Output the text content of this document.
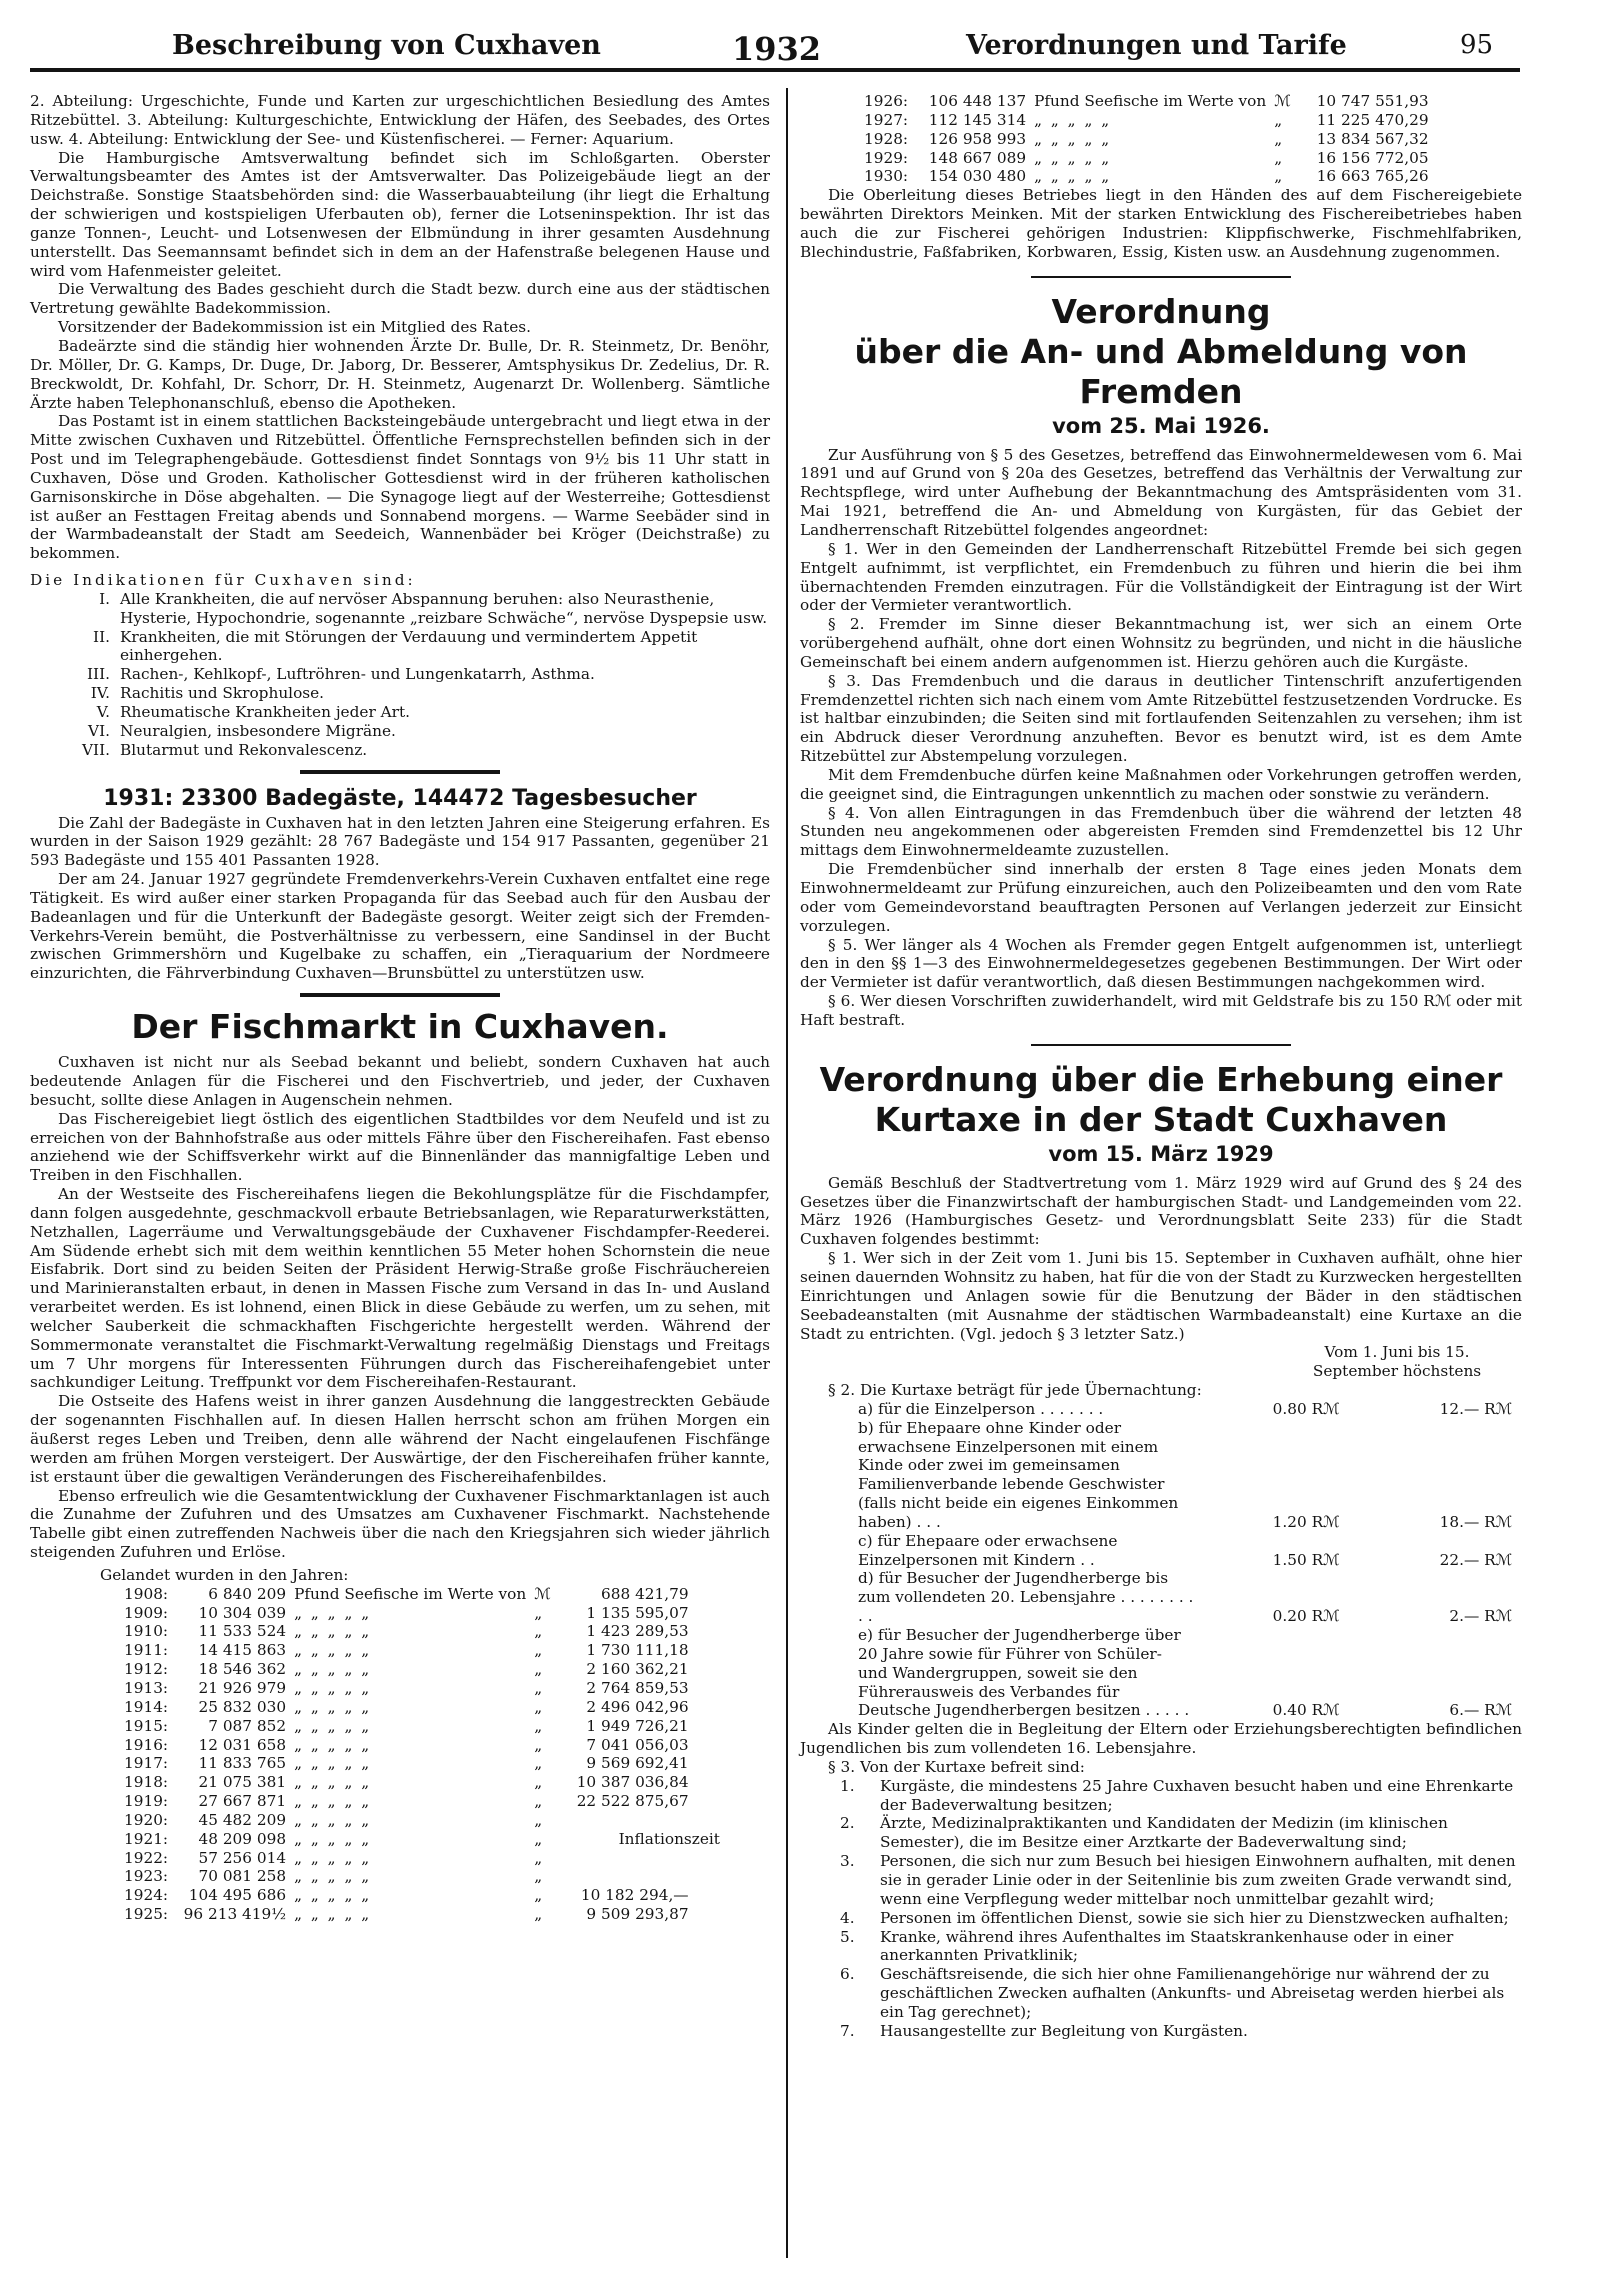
Beschreibung von Cuxhaven	1932	Verordnungen und Tarife	95

2. Abteilung: Urgeschichte, Funde und Karten zur urgeschichtlichen Besiedlung des Amtes Ritzebüttel. 3. Abteilung: Kulturgeschichte, Entwicklung der Häfen, des Seebades, des Ortes usw. 4. Abteilung: Entwicklung der See- und Küstenfischerei. — Ferner: Aquarium.

Die Hamburgische Amtsverwaltung befindet sich im Schloßgarten. Oberster Verwaltungsbeamter des Amtes ist der Amtsverwalter. Das Polizeigebäude liegt an der Deichstraße. Sonstige Staatsbehörden sind: die Wasserbauabteilung (ihr liegt die Erhaltung der schwierigen und kostspieligen Uferbauten ob), ferner die Lotseninspektion. Ihr ist das ganze Tonnen-, Leucht- und Lotsenwesen der Elbmündung in ihrer gesamten Ausdehnung unterstellt. Das Seemannsamt befindet sich in dem an der Hafenstraße belegenen Hause und wird vom Hafenmeister geleitet.

Die Verwaltung des Bades geschieht durch die Stadt bezw. durch eine aus der städtischen Vertretung gewählte Badekommission.

Vorsitzender der Badekommission ist ein Mitglied des Rates.

Badeärzte sind die ständig hier wohnenden Ärzte Dr. Bulle, Dr. R. Steinmetz, Dr. Benöhr, Dr. Möller, Dr. G. Kamps, Dr. Duge, Dr. Jaborg, Dr. Besserer, Amtsphysikus Dr. Zedelius, Dr. R. Breckwoldt, Dr. Kohfahl, Dr. Schorr, Dr. H. Steinmetz, Augenarzt Dr. Wollenberg. Sämtliche Ärzte haben Telephonanschluß, ebenso die Apotheken.

Das Postamt ist in einem stattlichen Backsteingebäude untergebracht und liegt etwa in der Mitte zwischen Cuxhaven und Ritzebüttel. Öffentliche Fernsprechstellen befinden sich in der Post und im Telegraphengebäude. Gottesdienst findet Sonntags von 9½ bis 11 Uhr statt in Cuxhaven, Döse und Groden. Katholischer Gottesdienst wird in der früheren katholischen Garnisonskirche in Döse abgehalten. — Die Synagoge liegt auf der Westerreihe; Gottesdienst ist außer an Festtagen Freitag abends und Sonnabend morgens. — Warme Seebäder sind in der Warmbadeanstalt der Stadt am Seedeich, Wannenbäder bei Kröger (Deichstraße) zu bekommen.

Die Indikationen für Cuxhaven sind:

I. Alle Krankheiten, die auf nervöser Abspannung beruhen: also Neurasthenie, Hysterie, Hypochondrie, sogenannte „reizbare Schwäche“, nervöse Dyspepsie usw.
II. Krankheiten, die mit Störungen der Verdauung und vermindertem Appetit einhergehen.
III. Rachen-, Kehlkopf-, Luftröhren- und Lungenkatarrh, Asthma.
IV. Rachitis und Skrophulose.
V. Rheumatische Krankheiten jeder Art.
VI. Neuralgien, insbesondere Migräne.
VII. Blutarmut und Rekonvalescenz.
1931: 23300 Badegäste, 144472 Tagesbesucher

Die Zahl der Badegäste in Cuxhaven hat in den letzten Jahren eine Steigerung erfahren. Es wurden in der Saison 1929 gezählt: 28 767 Badegäste und 154 917 Passanten, gegenüber 21 593 Badegäste und 155 401 Passanten 1928.

Der am 24. Januar 1927 gegründete Fremdenverkehrs-Verein Cuxhaven entfaltet eine rege Tätigkeit. Es wird außer einer starken Propaganda für das Seebad auch für den Ausbau der Badeanlagen und für die Unterkunft der Badegäste gesorgt. Weiter zeigt sich der Fremden-Verkehrs-Verein bemüht, die Postverhältnisse zu verbessern, eine Sandinsel in der Bucht zwischen Grimmershörn und Kugelbake zu schaffen, ein „Tieraquarium der Nordmeere einzurichten, die Fährverbindung Cuxhaven—Brunsbüttel zu unterstützen usw.

Der Fischmarkt in Cuxhaven.

Cuxhaven ist nicht nur als Seebad bekannt und beliebt, sondern Cuxhaven hat auch bedeutende Anlagen für die Fischerei und den Fischvertrieb, und jeder, der Cuxhaven besucht, sollte diese Anlagen in Augenschein nehmen.

Das Fischereigebiet liegt östlich des eigentlichen Stadtbildes vor dem Neufeld und ist zu erreichen von der Bahnhofstraße aus oder mittels Fähre über den Fischereihafen. Fast ebenso anziehend wie der Schiffsverkehr wirkt auf die Binnenländer das mannigfaltige Leben und Treiben in den Fischhallen.

An der Westseite des Fischereihafens liegen die Bekohlungsplätze für die Fischdampfer, dann folgen ausgedehnte, geschmackvoll erbaute Betriebsanlagen, wie Reparaturwerkstätten, Netzhallen, Lagerräume und Verwaltungsgebäude der Cuxhavener Fischdampfer-Reederei. Am Südende erhebt sich mit dem weithin kenntlichen 55 Meter hohen Schornstein die neue Eisfabrik. Dort sind zu beiden Seiten der Präsident Herwig-Straße große Fischräuchereien und Marinieranstalten erbaut, in denen in Massen Fische zum Versand in das In- und Ausland verarbeitet werden. Es ist lohnend, einen Blick in diese Gebäude zu werfen, um zu sehen, mit welcher Sauberkeit die schmackhaften Fischgerichte hergestellt werden. Während der Sommermonate veranstaltet die Fischmarkt-Verwaltung regelmäßig Dienstags und Freitags um 7 Uhr morgens für Interessenten Führungen durch das Fischereihafengebiet unter sachkundiger Leitung. Treffpunkt vor dem Fischereihafen-Restaurant.

Die Ostseite des Hafens weist in ihrer ganzen Ausdehnung die langgestreckten Gebäude der sogenannten Fischhallen auf. In diesen Hallen herrscht schon am frühen Morgen ein äußerst reges Leben und Treiben, denn alle während der Nacht eingelaufenen Fischfänge werden am frühen Morgen versteigert. Der Auswärtige, der den Fischereihafen früher kannte, ist erstaunt über die gewaltigen Veränderungen des Fischereihafenbildes.

Ebenso erfreulich wie die Gesamtentwicklung der Cuxhavener Fischmarktanlagen ist auch die Zunahme der Zufuhren und des Umsatzes am Cuxhavener Fischmarkt. Nachstehende Tabelle gibt einen zutreffenden Nachweis über die nach den Kriegsjahren sich wieder jährlich steigenden Zufuhren und Erlöse.

Gelandet wurden in den Jahren:

1908:	6 840 209	Pfund Seefische im Werte von	ℳ	688 421,79
1909:	10 304 039	„ „ „ „ „	„	1 135 595,07
1910:	11 533 524	„ „ „ „ „	„	1 423 289,53
1911:	14 415 863	„ „ „ „ „	„	1 730 111,18
1912:	18 546 362	„ „ „ „ „	„	2 160 362,21
1913:	21 926 979	„ „ „ „ „	„	2 764 859,53
1914:	25 832 030	„ „ „ „ „	„	2 496 042,96
1915:	7 087 852	„ „ „ „ „	„	1 949 726,21
1916:	12 031 658	„ „ „ „ „	„	7 041 056,03
1917:	11 833 765	„ „ „ „ „	„	9 569 692,41
1918:	21 075 381	„ „ „ „ „	„	10 387 036,84
1919:	27 667 871	„ „ „ „ „	„	22 522 875,67
1920:	45 482 209	„ „ „ „ „	„	
1921:	48 209 098	„ „ „ „ „	„	Inflationszeit
1922:	57 256 014	„ „ „ „ „	„	
1923:	70 081 258	„ „ „ „ „	„	
1924:	104 495 686	„ „ „ „ „	„	10 182 294,—
1925:	96 213 419½	„ „ „ „ „	„	9 509 293,87
1926:	106 448 137	Pfund Seefische im Werte von	ℳ	10 747 551,93
1927:	112 145 314	„ „ „ „ „	„	11 225 470,29
1928:	126 958 993	„ „ „ „ „	„	13 834 567,32
1929:	148 667 089	„ „ „ „ „	„	16 156 772,05
1930:	154 030 480	„ „ „ „ „	„	16 663 765,26

Die Oberleitung dieses Betriebes liegt in den Händen des auf dem Fischereigebiete bewährten Direktors Meinken. Mit der starken Entwicklung des Fischereibetriebes haben auch die zur Fischerei gehörigen Industrien: Klippfischwerke, Fischmehlfabriken, Blechindustrie, Faßfabriken, Korbwaren, Essig, Kisten usw. an Ausdehnung zugenommen.

Verordnung
über die An- und Abmeldung von Fremden
vom 25. Mai 1926.

Zur Ausführung von § 5 des Gesetzes, betreffend das Einwohnermeldewesen vom 6. Mai 1891 und auf Grund von § 20a des Gesetzes, betreffend das Verhältnis der Verwaltung zur Rechtspflege, wird unter Aufhebung der Bekanntmachung des Amtspräsidenten vom 31. Mai 1921, betreffend die An- und Abmeldung von Kurgästen, für das Gebiet der Landherrenschaft Ritzebüttel folgendes angeordnet:

§ 1. Wer in den Gemeinden der Landherrenschaft Ritzebüttel Fremde bei sich gegen Entgelt aufnimmt, ist verpflichtet, ein Fremdenbuch zu führen und hierin die bei ihm übernachtenden Fremden einzutragen. Für die Vollständigkeit der Eintragung ist der Wirt oder der Vermieter verantwortlich.

§ 2. Fremder im Sinne dieser Bekanntmachung ist, wer sich an einem Orte vorübergehend aufhält, ohne dort einen Wohnsitz zu begründen, und nicht in die häusliche Gemeinschaft bei einem andern aufgenommen ist. Hierzu gehören auch die Kurgäste.

§ 3. Das Fremdenbuch und die daraus in deutlicher Tintenschrift anzufertigenden Fremdenzettel richten sich nach einem vom Amte Ritzebüttel festzusetzenden Vordrucke. Es ist haltbar einzubinden; die Seiten sind mit fortlaufenden Seitenzahlen zu versehen; ihm ist ein Abdruck dieser Verordnung anzuheften. Bevor es benutzt wird, ist es dem Amte Ritzebüttel zur Abstempelung vorzulegen.

Mit dem Fremdenbuche dürfen keine Maßnahmen oder Vorkehrungen getroffen werden, die geeignet sind, die Eintragungen unkenntlich zu machen oder sonstwie zu verändern.

§ 4. Von allen Eintragungen in das Fremdenbuch über die während der letzten 48 Stunden neu angekommenen oder abgereisten Fremden sind Fremdenzettel bis 12 Uhr mittags dem Einwohnermeldeamte zuzustellen.

Die Fremdenbücher sind innerhalb der ersten 8 Tage eines jeden Monats dem Einwohnermeldeamt zur Prüfung einzureichen, auch den Polizeibeamten und den vom Rate oder vom Gemeindevorstand beauftragten Personen auf Verlangen jederzeit zur Einsicht vorzulegen.

§ 5. Wer länger als 4 Wochen als Fremder gegen Entgelt aufgenommen ist, unterliegt den in den §§ 1—3 des Einwohnermeldegesetzes gegebenen Bestimmungen. Der Wirt oder der Vermieter ist dafür verantwortlich, daß diesen Bestimmungen nachgekommen wird.

§ 6. Wer diesen Vorschriften zuwiderhandelt, wird mit Geldstrafe bis zu 150 Rℳ oder mit Haft bestraft.

Verordnung über die Erhebung einer
Kurtaxe in der Stadt Cuxhaven
vom 15. März 1929

Gemäß Beschluß der Stadtvertretung vom 1. März 1929 wird auf Grund des § 24 des Gesetzes über die Finanzwirtschaft der hamburgischen Stadt- und Landgemeinden vom 22. März 1926 (Hamburgisches Gesetz- und Verordnungsblatt Seite 233) für die Stadt Cuxhaven folgendes bestimmt:

§ 1. Wer sich in der Zeit vom 1. Juni bis 15. September in Cuxhaven aufhält, ohne hier seinen dauernden Wohnsitz zu haben, hat für die von der Stadt zu Kurzwecken hergestellten Einrichtungen und Anlagen sowie für die Benutzung der Bäder in den städtischen Seebadeanstalten (mit Ausnahme der städtischen Warmbadeanstalt) eine Kurtaxe an die Stadt zu entrichten. (Vgl. jedoch § 3 letzter Satz.)

Vom 1. Juni bis 15. September höchstens

§ 2. Die Kurtaxe beträgt für jede Übernachtung:

a) für die Einzelperson . . . . . . .	0.80 Rℳ	12.— Rℳ
b) für Ehepaare ohne Kinder oder erwachsene Einzelpersonen mit einem Kinde oder zwei im gemeinsamen Familienverbande lebende Geschwister (falls nicht beide ein eigenes Einkommen haben) . . .	1.20 Rℳ	18.— Rℳ
c) für Ehepaare oder erwachsene Einzelpersonen mit Kindern . .	1.50 Rℳ	22.— Rℳ
d) für Besucher der Jugendherberge bis zum vollendeten 20. Lebensjahre . . . . . . . . . .	0.20 Rℳ	2.— Rℳ
e) für Besucher der Jugendherberge über 20 Jahre sowie für Führer von Schüler- und Wandergruppen, soweit sie den Führerausweis des Verbandes für Deutsche Jugendherbergen besitzen . . . . .	0.40 Rℳ	6.— Rℳ

Als Kinder gelten die in Begleitung der Eltern oder Erziehungsberechtigten befindlichen Jugendlichen bis zum vollendeten 16. Lebensjahre.

§ 3. Von der Kurtaxe befreit sind:

1.	Kurgäste, die mindestens 25 Jahre Cuxhaven besucht haben und eine Ehrenkarte der Badeverwaltung besitzen;
2.	Ärzte, Medizinalpraktikanten und Kandidaten der Medizin (im klinischen Semester), die im Besitze einer Arztkarte der Badeverwaltung sind;
3.	Personen, die sich nur zum Besuch bei hiesigen Einwohnern aufhalten, mit denen sie in gerader Linie oder in der Seitenlinie bis zum zweiten Grade verwandt sind, wenn eine Verpflegung weder mittelbar noch unmittelbar gezahlt wird;
4.	Personen im öffentlichen Dienst, sowie sie sich hier zu Dienstzwecken aufhalten;
5.	Kranke, während ihres Aufenthaltes im Staatskrankenhause oder in einer anerkannten Privatklinik;
6.	Geschäftsreisende, die sich hier ohne Familienangehörige nur während der zu geschäftlichen Zwecken aufhalten (Ankunfts- und Abreisetag werden hierbei als ein Tag gerechnet);
7.	Hausangestellte zur Begleitung von Kurgästen.
